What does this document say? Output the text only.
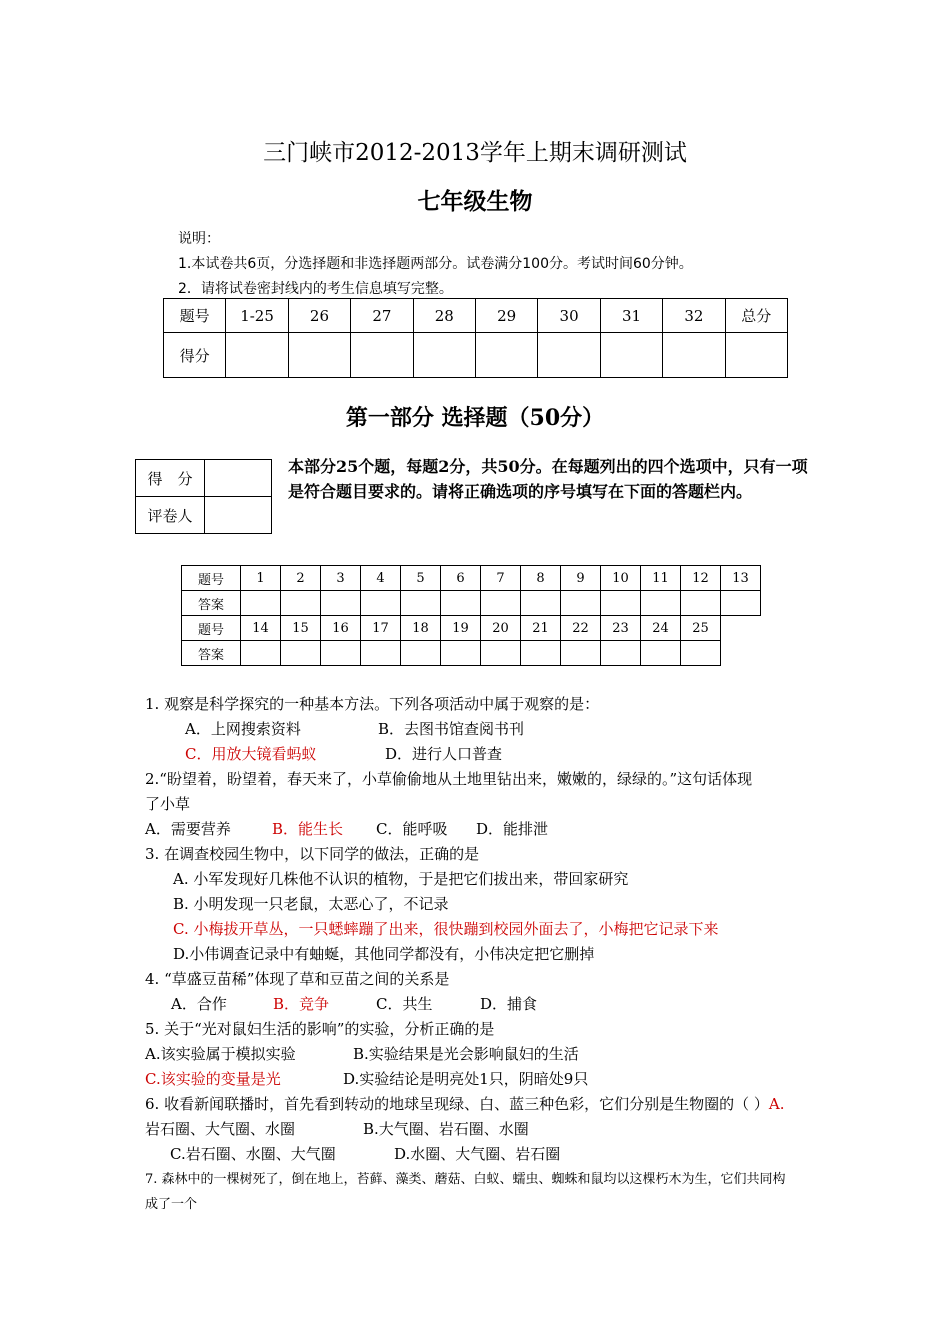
三门峡市2012-2013学年上期末调研测试
七年级生物
说明：
1.本试卷共6页，分选择题和非选择题两部分。试卷满分100分。考试时间60分钟。
2．请将试卷密封线内的考生信息填写完整。
题号	1-25	26	27	28	29	30	31	32	总分
得分									
第一部分 选择题（50分）
得　分	
评卷人	
本部分25个题，每题2分，共50分。在每题列出的四个选项中，只有一项是符合题目要求的。请将正确选项的序号填写在下面的答题栏内。
题号	1	2	3	4	5	6	7	8	9	10	11	12	13
答案													
题号	14	15	16	17	18	19	20	21	22	23	24	25	
答案													
1. 观察是科学探究的一种基本方法。下列各项活动中属于观察的是：
A．上网搜索资料	B．去图书馆查阅书刊
C．用放大镜看蚂蚁	D．进行人口普查
2.“盼望着，盼望着，春天来了，小草偷偷地从土地里钻出来，嫩嫩的，绿绿的。”这句话体现
了小草
A．需要营养	B．能生长 C．能呼吸 D．能排泄
3. 在调查校园生物中，以下同学的做法，正确的是
A. 小军发现好几株他不认识的植物，于是把它们拔出来，带回家研究
B. 小明发现一只老鼠，太恶心了，不记录
C. 小梅拔开草丛，一只蟋蟀蹦了出来，很快蹦到校园外面去了，小梅把它记录下来
D.小伟调查记录中有蚰蜒，其他同学都没有，小伟决定把它删掉
4. “草盛豆苗稀”体现了草和豆苗之间的关系是
A．合作	B．竞争	C．共生	D．捕食
5. 关于“光对鼠妇生活的影响”的实验，分析正确的是
A.该实验属于模拟实验	B.实验结果是光会影响鼠妇的生活
C.该实验的变量是光	D.实验结论是明亮处1只，阴暗处9只
6. 收看新闻联播时，首先看到转动的地球呈现绿、白、蓝三种色彩，它们分别是生物圈的（ ）A.
岩石圈、大气圈、水圈	B.大气圈、岩石圈、水圈
C.岩石圈、水圈、大气圈	D.水圈、大气圈、岩石圈
7. 森林中的一棵树死了，倒在地上，苔藓、藻类、蘑菇、白蚁、蠕虫、蜘蛛和鼠均以这棵朽木为生，它们共同构
成了一个
